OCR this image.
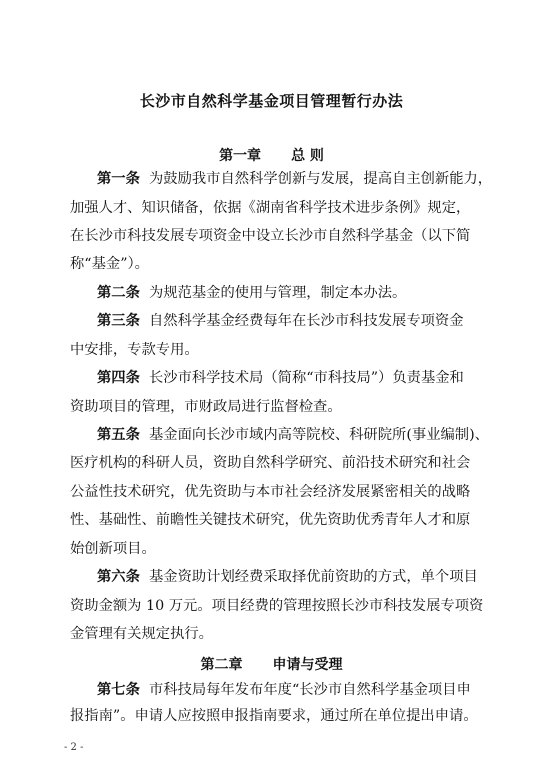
长沙市自然科学基金项目管理暂行办法
第一章 总 则
第一条 为鼓励我市自然科学创新与发展，提高自主创新能力，
加强人才、知识储备，依据《湖南省科学技术进步条例》规定，
在长沙市科技发展专项资金中设立长沙市自然科学基金（以下简
称“基金”）。
第二条 为规范基金的使用与管理，制定本办法。
第三条 自然科学基金经费每年在长沙市科技发展专项资金
中安排，专款专用。
第四条 长沙市科学技术局（简称“市科技局”）负责基金和
资助项目的管理，市财政局进行监督检查。
第五条 基金面向长沙市域内高等院校、科研院所(事业编制)、
医疗机构的科研人员，资助自然科学研究、前沿技术研究和社会
公益性技术研究，优先资助与本市社会经济发展紧密相关的战略
性、基础性、前瞻性关键技术研究，优先资助优秀青年人才和原
始创新项目。
第六条 基金资助计划经费采取择优前资助的方式，单个项目
资助金额为 10 万元。项目经费的管理按照长沙市科技发展专项资
金管理有关规定执行。
第二章 申请与受理
第七条 市科技局每年发布年度“长沙市自然科学基金项目申
报指南”。申请人应按照申报指南要求，通过所在单位提出申请。
- 2 -
